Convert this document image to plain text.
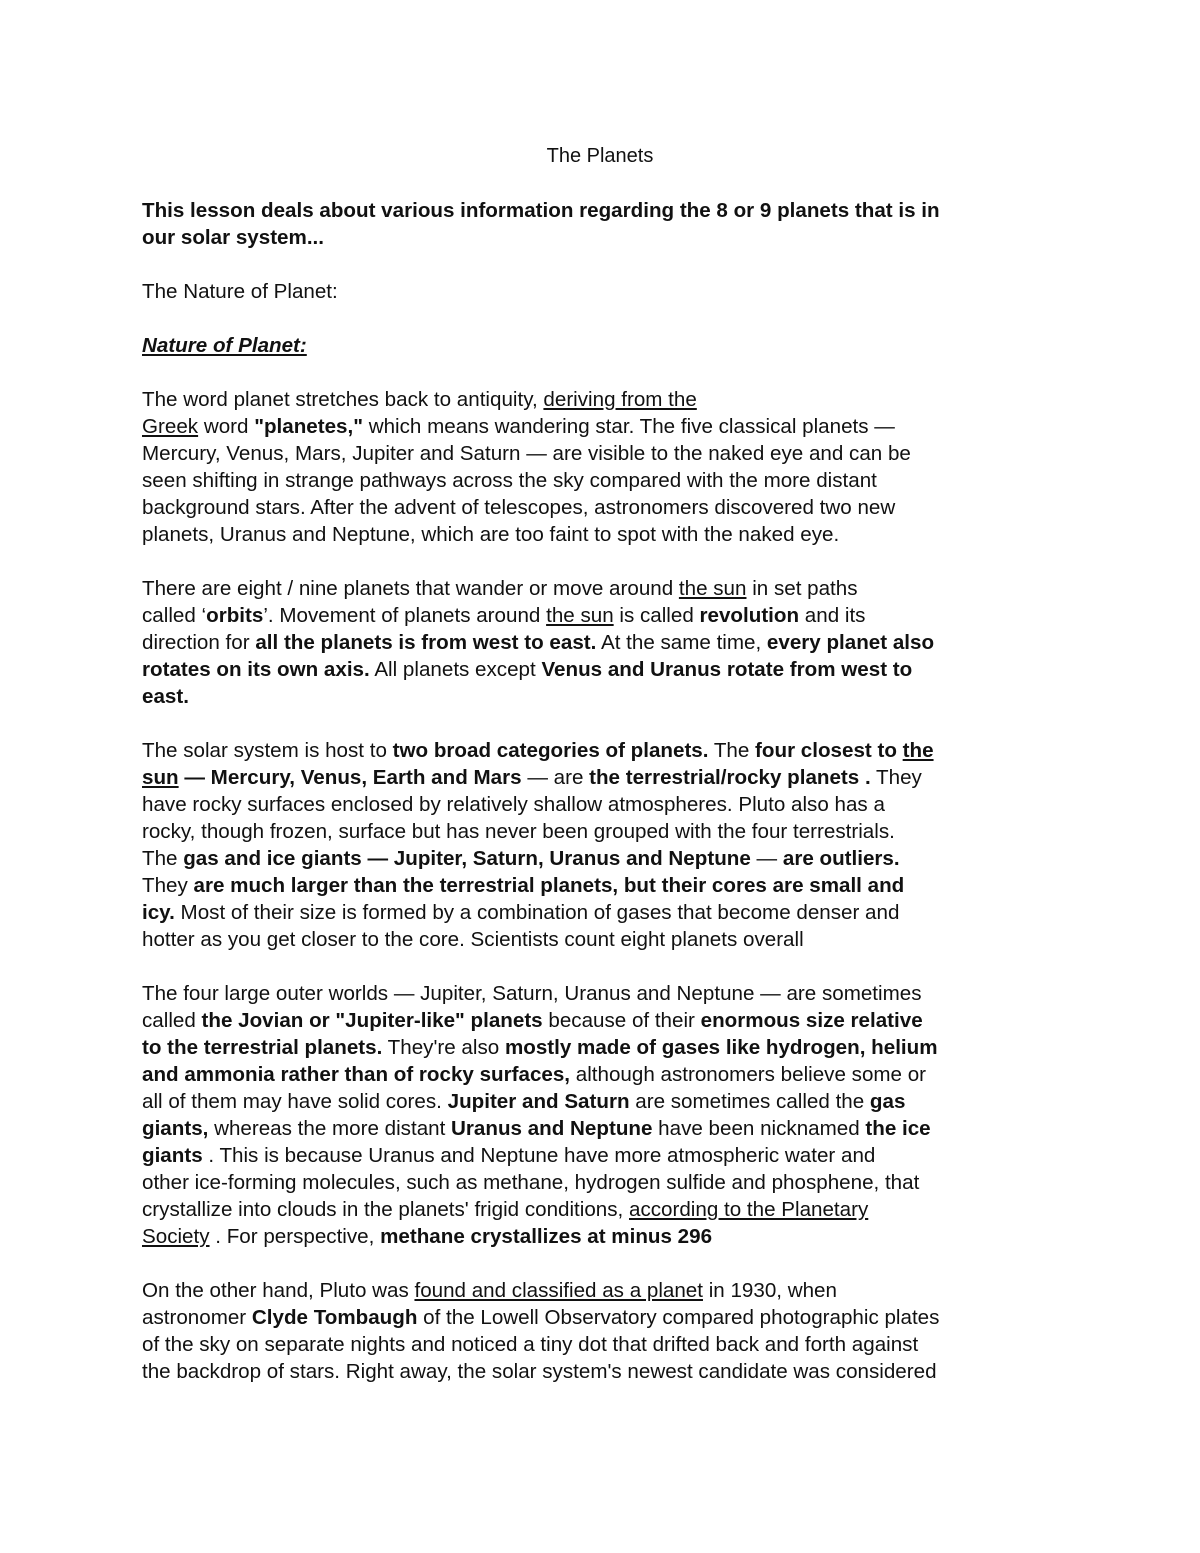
The Planets
This lesson deals about various information regarding the 8 or 9 planets that is in
our solar system...
The Nature of Planet:
Nature of Planet:
The word planet stretches back to antiquity, deriving from the
Greek word "planetes," which means wandering star. The five classical planets —
Mercury, Venus, Mars, Jupiter and Saturn — are visible to the naked eye and can be
seen shifting in strange pathways across the sky compared with the more distant
background stars. After the advent of telescopes, astronomers discovered two new
planets, Uranus and Neptune, which are too faint to spot with the naked eye.
There are eight / nine planets that wander or move around the sun in set paths
called ‘orbits’. Movement of planets around the sun is called revolution and its
direction for all the planets is from west to east. At the same time, every planet also
rotates on its own axis. All planets except Venus and Uranus rotate from west to
east.
The solar system is host to two broad categories of planets. The four closest to the
sun — Mercury, Venus, Earth and Mars — are the terrestrial/rocky planets . They
have rocky surfaces enclosed by relatively shallow atmospheres. Pluto also has a
rocky, though frozen, surface but has never been grouped with the four terrestrials.
The gas and ice giants — Jupiter, Saturn, Uranus and Neptune — are outliers.
They are much larger than the terrestrial planets, but their cores are small and
icy. Most of their size is formed by a combination of gases that become denser and
hotter as you get closer to the core. Scientists count eight planets overall
The four large outer worlds — Jupiter, Saturn, Uranus and Neptune — are sometimes
called the Jovian or "Jupiter-like" planets because of their enormous size relative
to the terrestrial planets. They're also mostly made of gases like hydrogen, helium
and ammonia rather than of rocky surfaces, although astronomers believe some or
all of them may have solid cores. Jupiter and Saturn are sometimes called the gas
giants, whereas the more distant Uranus and Neptune have been nicknamed the ice
giants . This is because Uranus and Neptune have more atmospheric water and
other ice-forming molecules, such as methane, hydrogen sulfide and phosphene, that
crystallize into clouds in the planets' frigid conditions, according to the Planetary
Society . For perspective, methane crystallizes at minus 296
On the other hand, Pluto was found and classified as a planet in 1930, when
astronomer Clyde Tombaugh of the Lowell Observatory compared photographic plates
of the sky on separate nights and noticed a tiny dot that drifted back and forth against
the backdrop of stars. Right away, the solar system's newest candidate was considered
